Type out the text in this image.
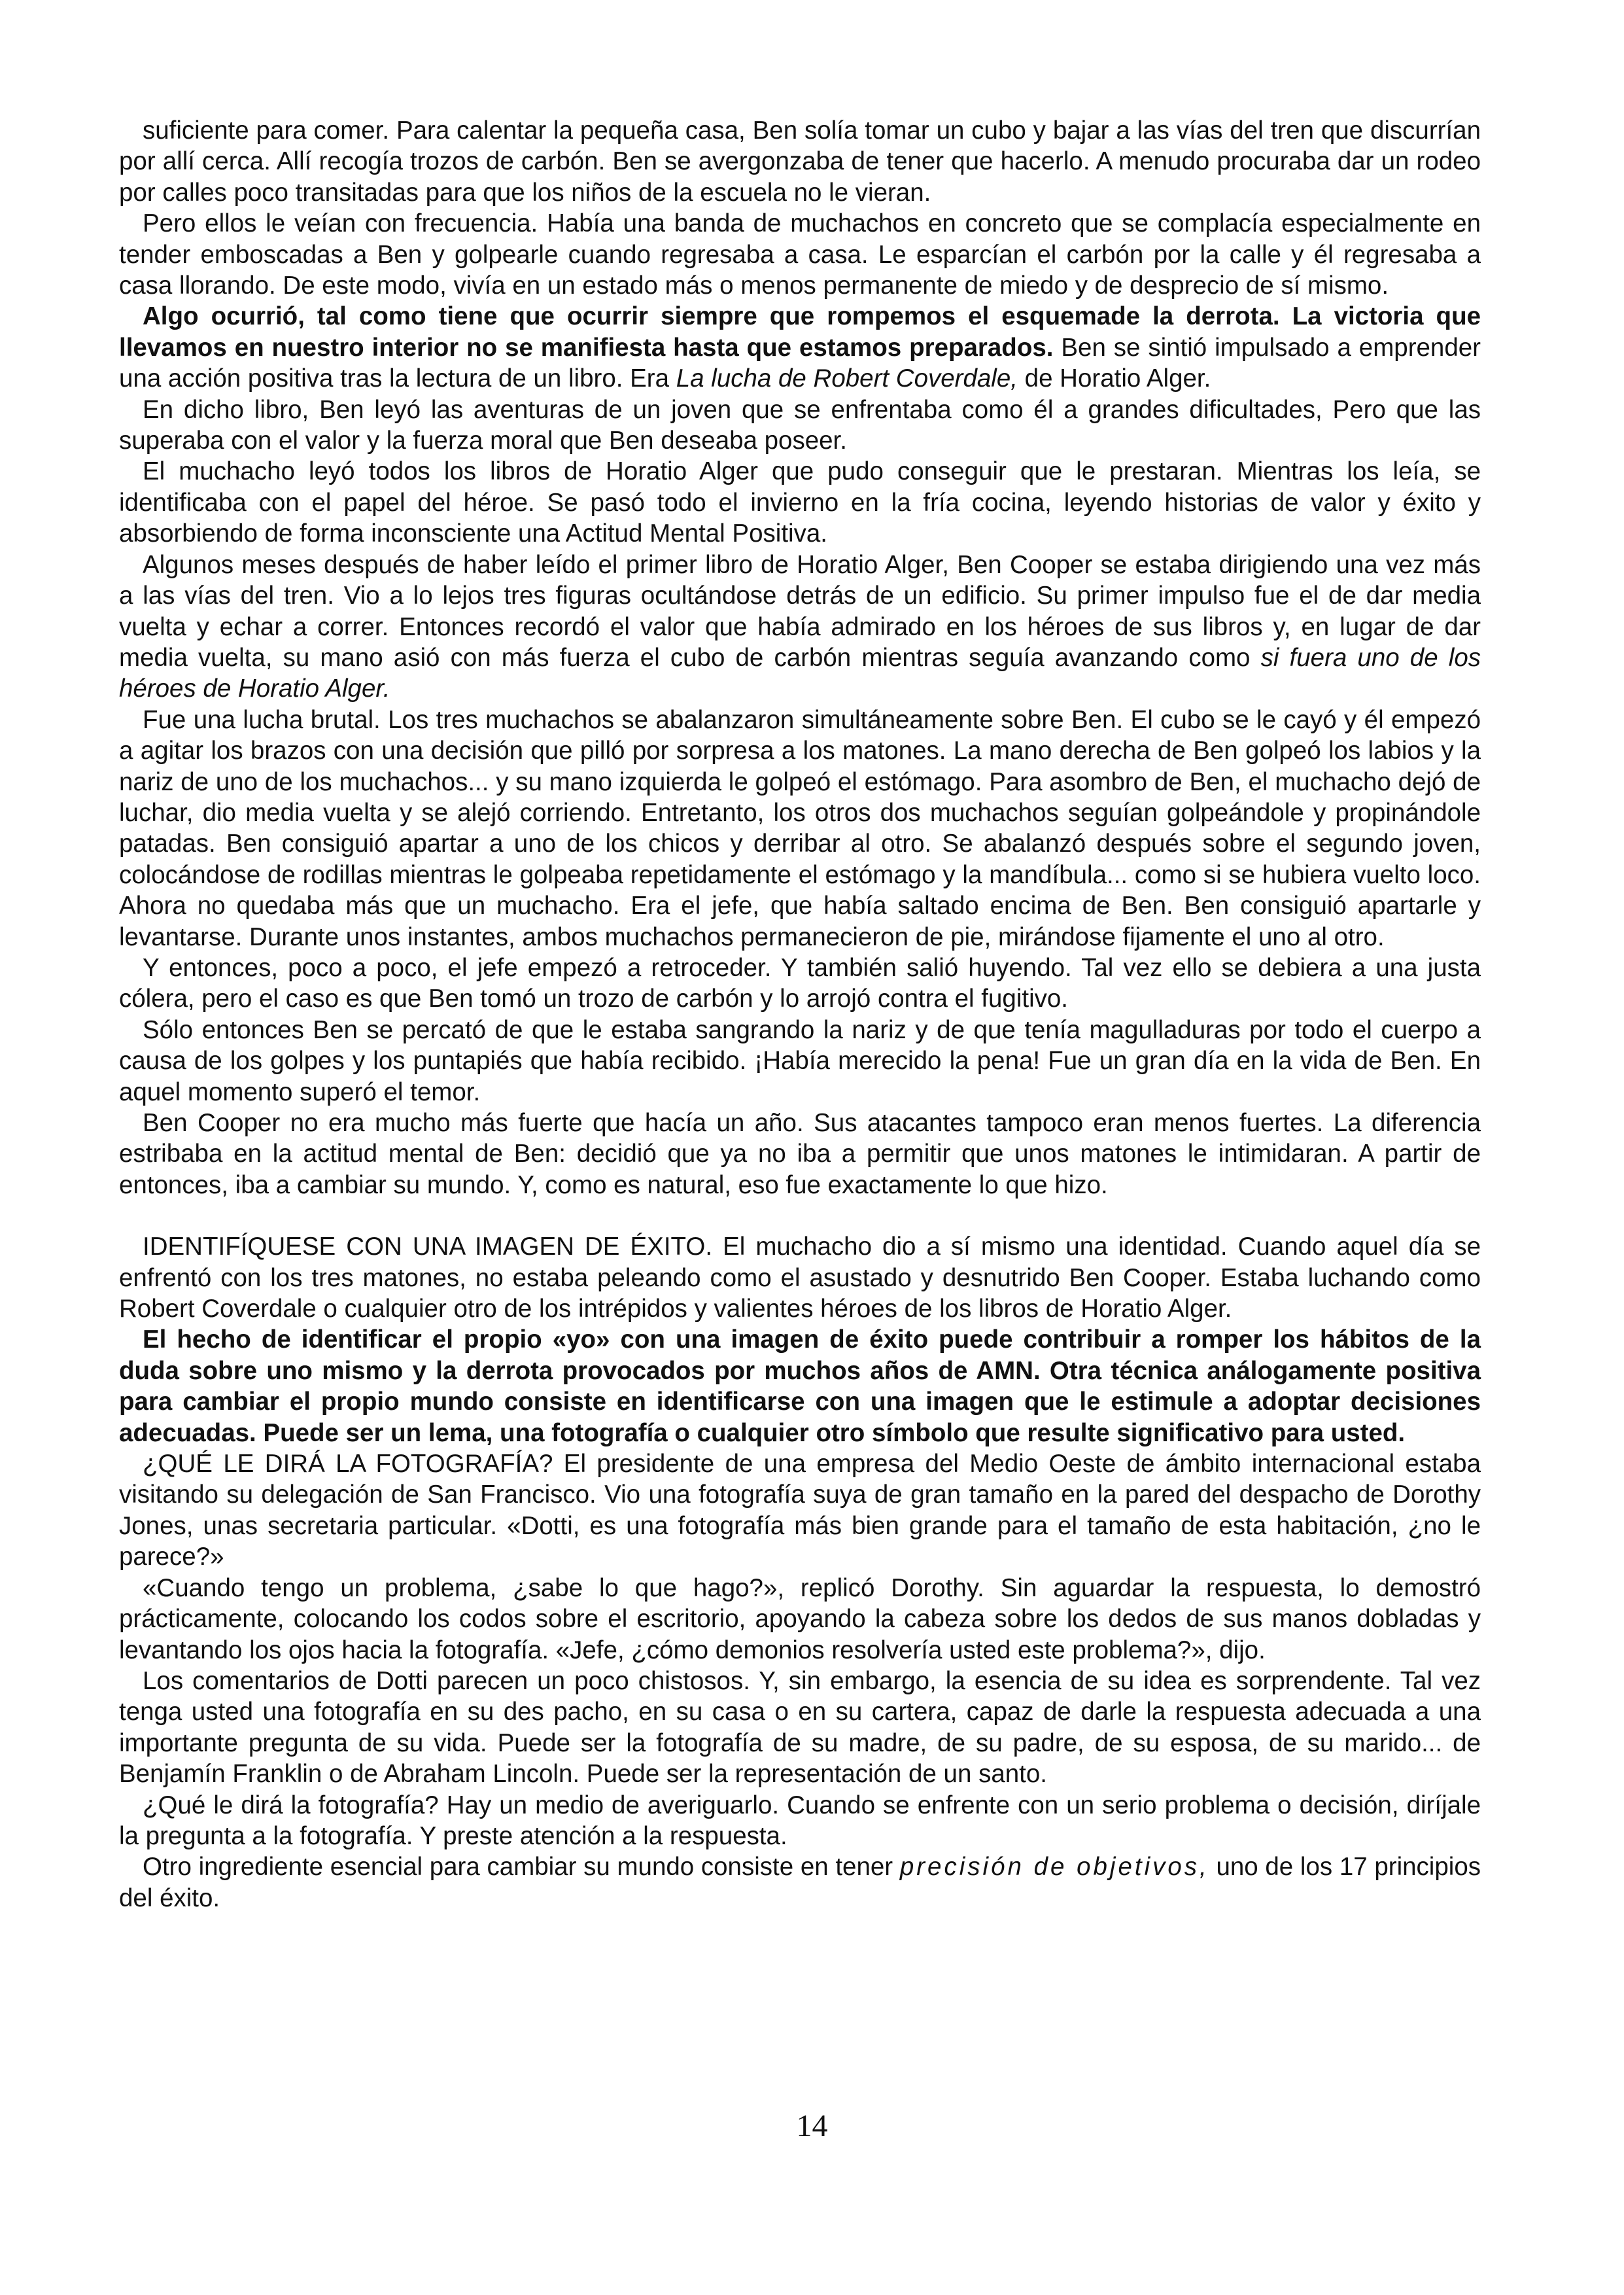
suficiente para comer. Para calentar la pequeña casa, Ben solía tomar un cubo y bajar a las vías del tren que discurrían por allí cerca. Allí recogía trozos de carbón. Ben se avergonzaba de tener que hacerlo. A menudo procuraba dar un rodeo por calles poco transitadas para que los niños de la escuela no le vieran.

Pero ellos le veían con frecuencia. Había una banda de muchachos en concreto que se complacía especialmente en tender emboscadas a Ben y golpearle cuando regresaba a casa. Le esparcían el carbón por la calle y él regresaba a casa llorando. De este modo, vivía en un estado más o menos permanente de miedo y de desprecio de sí mismo.

Algo ocurrió, tal como tiene que ocurrir siempre que rompemos el esquemade la derrota. La victoria que llevamos en nuestro interior no se manifiesta hasta que estamos preparados. Ben se sintió impulsado a emprender una acción positiva tras la lectura de un libro. Era La lucha de Robert Coverdale, de Horatio Alger.

En dicho libro, Ben leyó las aventuras de un joven que se enfrentaba como él a grandes dificultades, Pero que las superaba con el valor y la fuerza moral que Ben deseaba poseer.

El muchacho leyó todos los libros de Horatio Alger que pudo conseguir que le prestaran. Mientras los leía, se identificaba con el papel del héroe. Se pasó todo el invierno en la fría cocina, leyendo historias de valor y éxito y absorbiendo de forma inconsciente una Actitud Mental Positiva.

Algunos meses después de haber leído el primer libro de Horatio Alger, Ben Cooper se estaba dirigiendo una vez más a las vías del tren. Vio a lo lejos tres figuras ocultándose detrás de un edificio. Su primer impulso fue el de dar media vuelta y echar a correr. Entonces recordó el valor que había admirado en los héroes de sus libros y, en lugar de dar media vuelta, su mano asió con más fuerza el cubo de carbón mientras seguía avanzando como si fuera uno de los héroes de Horatio Alger.

Fue una lucha brutal. Los tres muchachos se abalanzaron simultáneamente sobre Ben. El cubo se le cayó y él empezó a agitar los brazos con una decisión que pilló por sorpresa a los matones. La mano derecha de Ben golpeó los labios y la nariz de uno de los muchachos... y su mano izquierda le golpeó el estómago. Para asombro de Ben, el muchacho dejó de luchar, dio media vuelta y se alejó corriendo. Entretanto, los otros dos muchachos seguían golpeándole y propinándole patadas. Ben consiguió apartar a uno de los chicos y derribar al otro. Se abalanzó después sobre el segundo joven, colocándose de rodillas mientras le golpeaba repetidamente el estómago y la mandíbula... como si se hubiera vuelto loco. Ahora no quedaba más que un muchacho. Era el jefe, que había saltado encima de Ben. Ben consiguió apartarle y levantarse. Durante unos instantes, ambos muchachos permanecieron de pie, mirándose fijamente el uno al otro.

Y entonces, poco a poco, el jefe empezó a retroceder. Y también salió huyendo. Tal vez ello se debiera a una justa cólera, pero el caso es que Ben tomó un trozo de carbón y lo arrojó contra el fugitivo.

Sólo entonces Ben se percató de que le estaba sangrando la nariz y de que tenía magulladuras por todo el cuerpo a causa de los golpes y los puntapiés que había recibido. ¡Había merecido la pena! Fue un gran día en la vida de Ben. En aquel momento superó el temor.

Ben Cooper no era mucho más fuerte que hacía un año. Sus atacantes tampoco eran menos fuertes. La diferencia estribaba en la actitud mental de Ben: decidió que ya no iba a permitir que unos matones le intimidaran. A partir de entonces, iba a cambiar su mundo. Y, como es natural, eso fue exactamente lo que hizo.

IDENTIFÍQUESE CON UNA IMAGEN DE ÉXITO. El muchacho dio a sí mismo una identidad. Cuando aquel día se enfrentó con los tres matones, no estaba peleando como el asustado y desnutrido Ben Cooper. Estaba luchando como Robert Coverdale o cualquier otro de los intrépidos y valientes héroes de los libros de Horatio Alger.

El hecho de identificar el propio «yo» con una imagen de éxito puede contribuir a romper los hábitos de la duda sobre uno mismo y la derrota provocados por muchos años de AMN. Otra técnica análogamente positiva para cambiar el propio mundo consiste en identificarse con una imagen que le estimule a adoptar decisiones adecuadas. Puede ser un lema, una fotografía o cualquier otro símbolo que resulte significativo para usted.

¿QUÉ LE DIRÁ LA FOTOGRAFÍA? El presidente de una empresa del Medio Oeste de ámbito internacional estaba visitando su delegación de San Francisco. Vio una fotografía suya de gran tamaño en la pared del despacho de Dorothy Jones, unas secretaria particular. «Dotti, es una fotografía más bien grande para el tamaño de esta habitación, ¿no le parece?»

«Cuando tengo un problema, ¿sabe lo que hago?», replicó Dorothy. Sin aguardar la respuesta, lo demostró prácticamente, colocando los codos sobre el escritorio, apoyando la cabeza sobre los dedos de sus manos dobladas y levantando los ojos hacia la fotografía. «Jefe, ¿cómo demonios resolvería usted este problema?», dijo.

Los comentarios de Dotti parecen un poco chistosos. Y, sin embargo, la esencia de su idea es sorprendente. Tal vez tenga usted una fotografía en su des pacho, en su casa o en su cartera, capaz de darle la respuesta adecuada a una importante pregunta de su vida. Puede ser la fotografía de su madre, de su padre, de su esposa, de su marido... de Benjamín Franklin o de Abraham Lincoln. Puede ser la representación de un santo.

¿Qué le dirá la fotografía? Hay un medio de averiguarlo. Cuando se enfrente con un serio problema o decisión, diríjale la pregunta a la fotografía. Y preste atención a la respuesta.

Otro ingrediente esencial para cambiar su mundo consiste en tener precisión de objetivos, uno de los 17 principios del éxito.

14
